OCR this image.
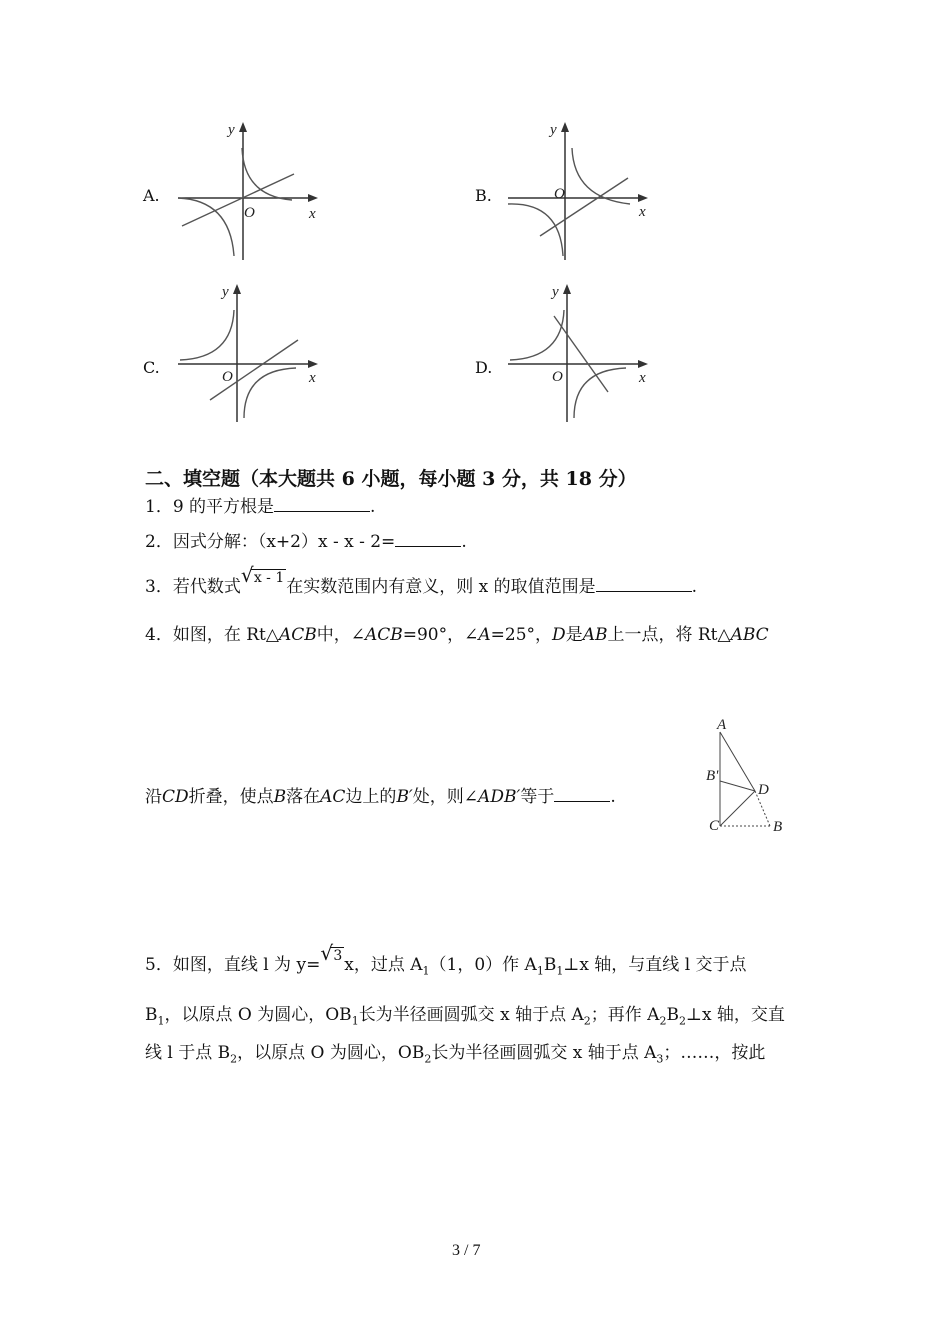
A.
y
O	x
B.
y
O
x
C.
y
O	x
D.
y
O	x
二、填空题（本大题共 6 小题，每小题 3 分，共 18 分）
1．9 的平方根是	.
2．因式分解：（x+2）x - x - 2=	.
3．若代数式 √ x - 1 在实数范围内有意义，则 x 的取值范围是	.
4．如图，在 Rt△ACB中，∠ACB=90°，∠A=25°，D是AB上一点，将 Rt△ABC
沿CD折叠，使点B落在AC边上的B′处，则∠ADB′等于	.
A
B'
D
C	B
5．如图，直线 l 为 y= √ 3 x，过点 $A_1(1$，0）作 $A_1B_1\perp x$ 轴，与直线 l 交于点
$B_1$，以原点 O 为圆心，$OB_1$长为半径画圆弧交 x 轴于点 $A_2$；再作 $A_2B_2\perp x$ 轴，交直
线 l 于点 $B_2$，以原点 O 为圆心，$OB_2$长为半径画圆弧交 x 轴于点 $A_3$；……，按此
3 / 7
